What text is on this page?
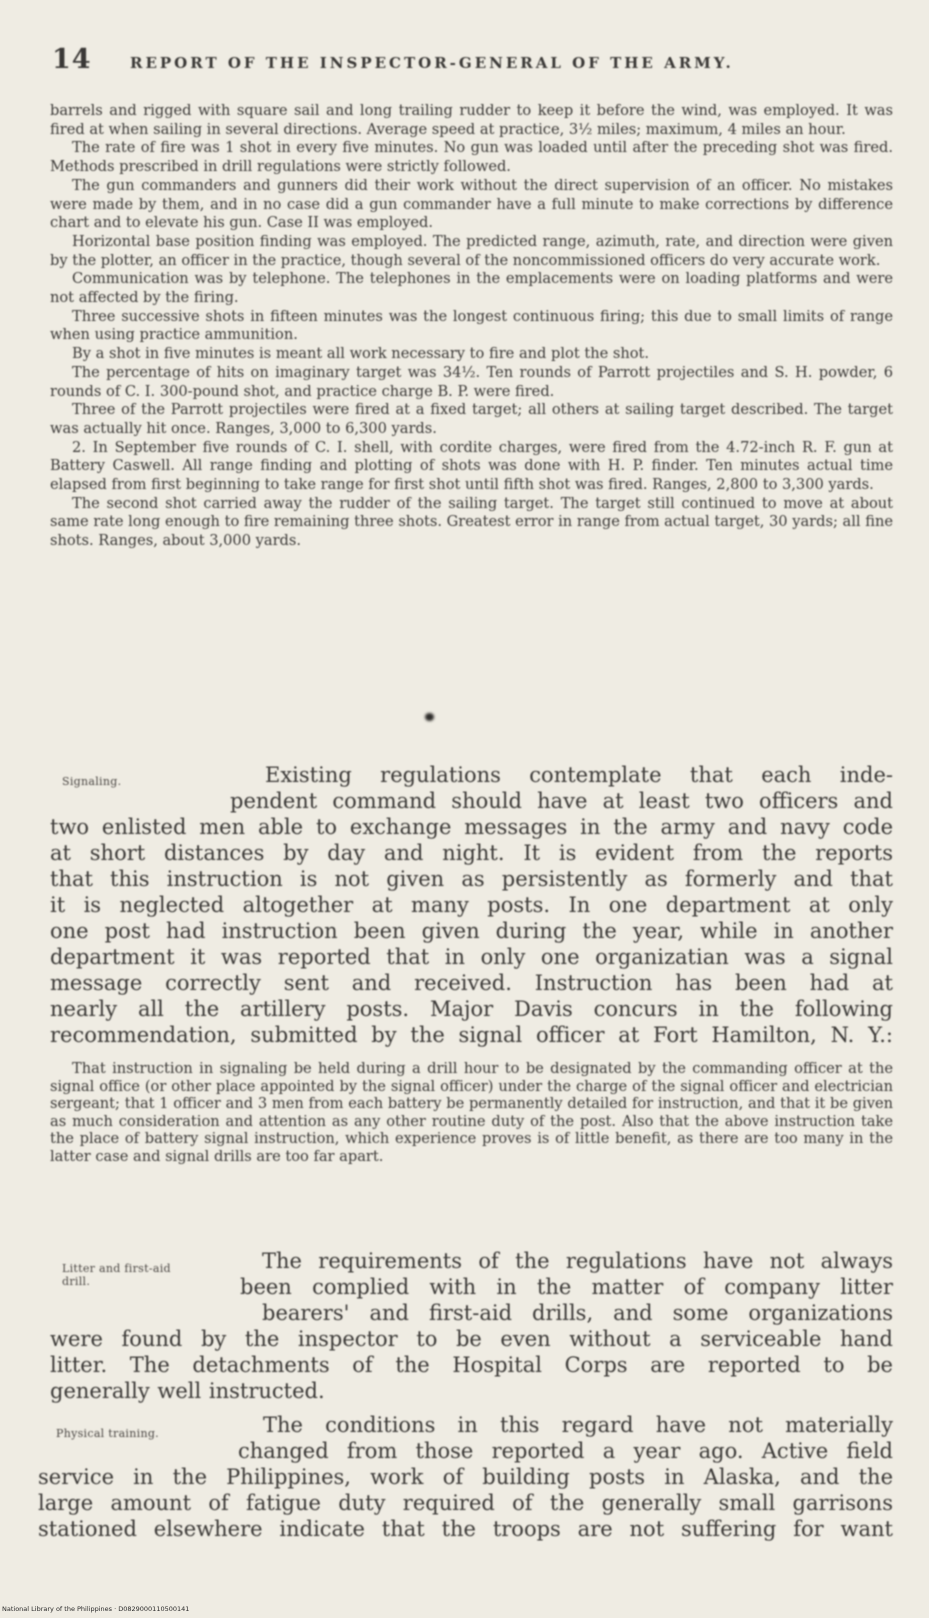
14	REPORT OF THE INSPECTOR-GENERAL OF THE ARMY.

barrels and rigged with square sail and long trailing rudder to keep it before the wind, was employed. It was fired at when sailing in several directions. Average speed at practice, 3½ miles; maximum, 4 miles an hour.

The rate of fire was 1 shot in every five minutes. No gun was loaded until after the preceding shot was fired. Methods prescribed in drill regulations were strictly followed.

The gun commanders and gunners did their work without the direct supervision of an officer. No mistakes were made by them, and in no case did a gun commander have a full minute to make corrections by difference chart and to elevate his gun. Case II was employed.

Horizontal base position finding was employed. The predicted range, azimuth, rate, and direction were given by the plotter, an officer in the practice, though several of the noncommissioned officers do very accurate work.

Communication was by telephone. The telephones in the emplacements were on loading platforms and were not affected by the firing.

Three successive shots in fifteen minutes was the longest continuous firing; this due to small limits of range when using practice ammunition.

By a shot in five minutes is meant all work necessary to fire and plot the shot.

The percentage of hits on imaginary target was 34½. Ten rounds of Parrott projectiles and S. H. powder, 6 rounds of C. I. 300-pound shot, and practice charge B. P. were fired.

Three of the Parrott projectiles were fired at a fixed target; all others at sailing target described. The target was actually hit once. Ranges, 3,000 to 6,300 yards.

2. In September five rounds of C. I. shell, with cordite charges, were fired from the 4.72-inch R. F. gun at Battery Caswell. All range finding and plotting of shots was done with H. P. finder. Ten minutes actual time elapsed from first beginning to take range for first shot until fifth shot was fired. Ranges, 2,800 to 3,300 yards.

The second shot carried away the rudder of the sailing target. The target still continued to move at about same rate long enough to fire remaining three shots. Greatest error in range from actual target, 30 yards; all fine shots. Ranges, about 3,000 yards.

Signaling.	Existing regulations contemplate that each inde-
pendent command should have at least two officers and
two enlisted men able to exchange messages in the army and navy code
at short distances by day and night. It is evident from the reports
that this instruction is not given as persistently as formerly and that
it is neglected altogether at many posts. In one department at only
one post had instruction been given during the year, while in another
department it was reported that in only one organizatian was a signal
message correctly sent and received. Instruction has been had at
nearly all the artillery posts. Major Davis concurs in the following
recommendation, submitted by the signal officer at Fort Hamilton, N. Y.:

That instruction in signaling be held during a drill hour to be designated by the commanding officer at the signal office (or other place appointed by the signal officer) under the charge of the signal officer and electrician sergeant; that 1 officer and 3 men from each battery be permanently detailed for instruction, and that it be given as much consideration and attention as any other routine duty of the post. Also that the above instruction take the place of battery signal instruction, which experience proves is of little benefit, as there are too many in the latter case and signal drills are too far apart.

Litter and first-aid
drill.
The requirements of the regulations have not always
been complied with in the matter of company litter
bearers' and first-aid drills, and some organizations
were found by the inspector to be even without a serviceable hand
litter. The detachments of the Hospital Corps are reported to be
generally well instructed.
Physical training.	The conditions in this regard have not materially
changed from those reported a year ago. Active field
service in the Philippines, work of building posts in Alaska, and the
large amount of fatigue duty required of the generally small garrisons
stationed elsewhere indicate that the troops are not suffering for want
National Library of the Philippines · D0829000110500141
